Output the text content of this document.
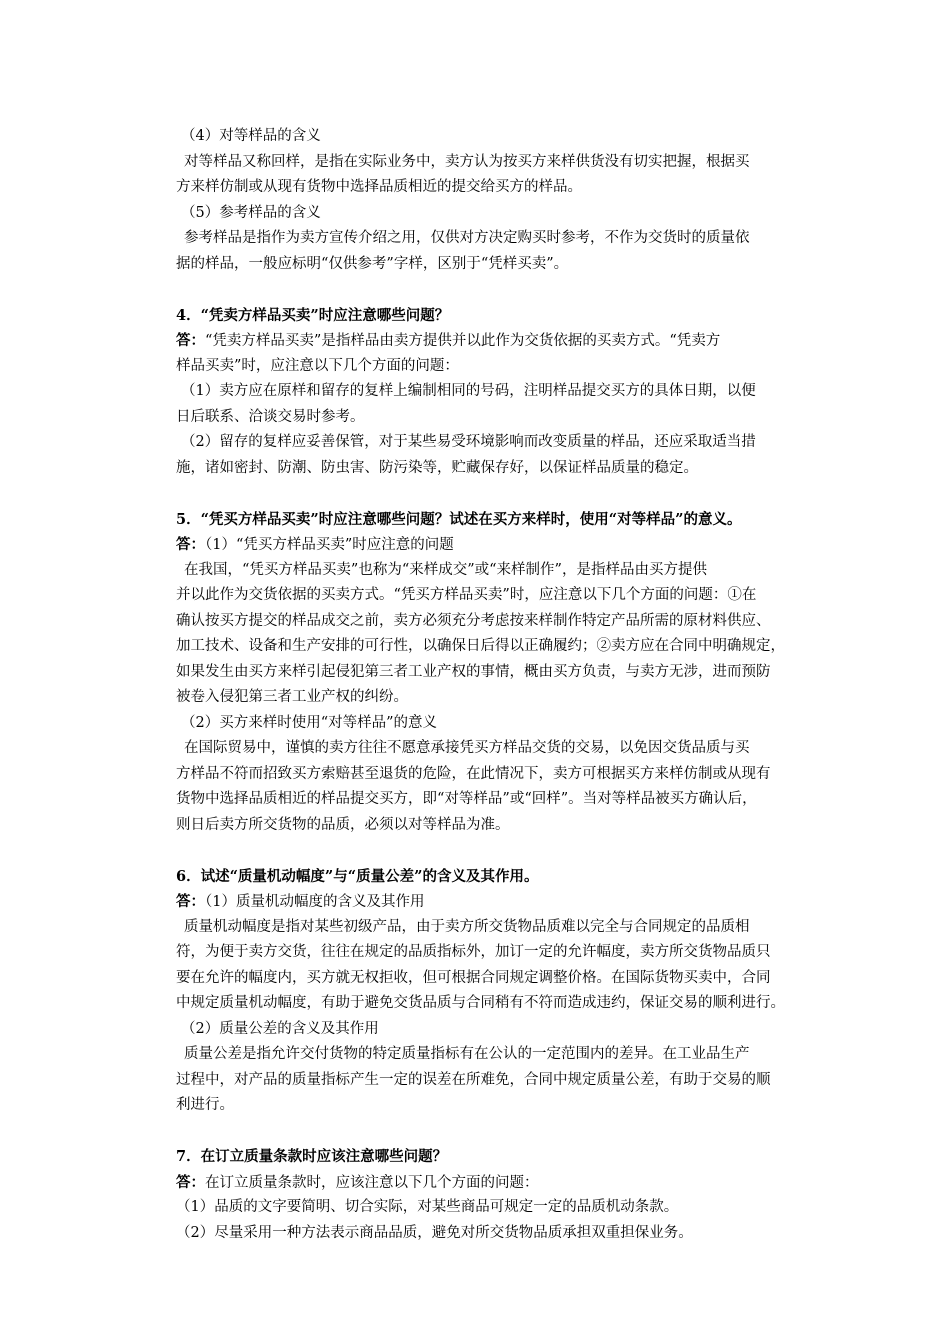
（4）对等样品的含义
对等样品又称回样，是指在实际业务中，卖方认为按买方来样供货没有切实把握，根据买
方来样仿制或从现有货物中选择品质相近的提交给买方的样品。
（5）参考样品的含义
参考样品是指作为卖方宣传介绍之用，仅供对方决定购买时参考，不作为交货时的质量依
据的样品，一般应标明“仅供参考”字样，区别于“凭样买卖”。
4．“凭卖方样品买卖”时应注意哪些问题？
答：“凭卖方样品买卖”是指样品由卖方提供并以此作为交货依据的买卖方式。“凭卖方
样品买卖”时，应注意以下几个方面的问题：
（1）卖方应在原样和留存的复样上编制相同的号码，注明样品提交买方的具体日期，以便
日后联系、洽谈交易时参考。
（2）留存的复样应妥善保管，对于某些易受环境影响而改变质量的样品，还应采取适当措
施，诸如密封、防潮、防虫害、防污染等，贮藏保存好，以保证样品质量的稳定。
5．“凭买方样品买卖”时应注意哪些问题？试述在买方来样时，使用“对等样品”的意义。
答：（1）“凭买方样品买卖”时应注意的问题
在我国，“凭买方样品买卖”也称为“来样成交”或“来样制作”，是指样品由买方提供
并以此作为交货依据的买卖方式。“凭买方样品买卖”时，应注意以下几个方面的问题：①在
确认按买方提交的样品成交之前，卖方必须充分考虑按来样制作特定产品所需的原材料供应、
加工技术、设备和生产安排的可行性，以确保日后得以正确履约；②卖方应在合同中明确规定，
如果发生由买方来样引起侵犯第三者工业产权的事情，概由买方负责，与卖方无涉，进而预防
被卷入侵犯第三者工业产权的纠纷。
（2）买方来样时使用“对等样品”的意义
在国际贸易中，谨慎的卖方往往不愿意承接凭买方样品交货的交易，以免因交货品质与买
方样品不符而招致买方索赔甚至退货的危险，在此情况下，卖方可根据买方来样仿制或从现有
货物中选择品质相近的样品提交买方，即“对等样品”或“回样”。当对等样品被买方确认后，
则日后卖方所交货物的品质，必须以对等样品为准。
6．试述“质量机动幅度”与“质量公差”的含义及其作用。
答：（1）质量机动幅度的含义及其作用
质量机动幅度是指对某些初级产品，由于卖方所交货物品质难以完全与合同规定的品质相
符，为便于卖方交货，往往在规定的品质指标外，加订一定的允许幅度，卖方所交货物品质只
要在允许的幅度内，买方就无权拒收，但可根据合同规定调整价格。在国际货物买卖中，合同
中规定质量机动幅度，有助于避免交货品质与合同稍有不符而造成违约，保证交易的顺利进行。
（2）质量公差的含义及其作用
质量公差是指允许交付货物的特定质量指标有在公认的一定范围内的差异。在工业品生产
过程中，对产品的质量指标产生一定的误差在所难免，合同中规定质量公差，有助于交易的顺
利进行。
7．在订立质量条款时应该注意哪些问题？
答：在订立质量条款时，应该注意以下几个方面的问题：
（1）品质的文字要简明、切合实际，对某些商品可规定一定的品质机动条款。
（2）尽量采用一种方法表示商品品质，避免对所交货物品质承担双重担保业务。
